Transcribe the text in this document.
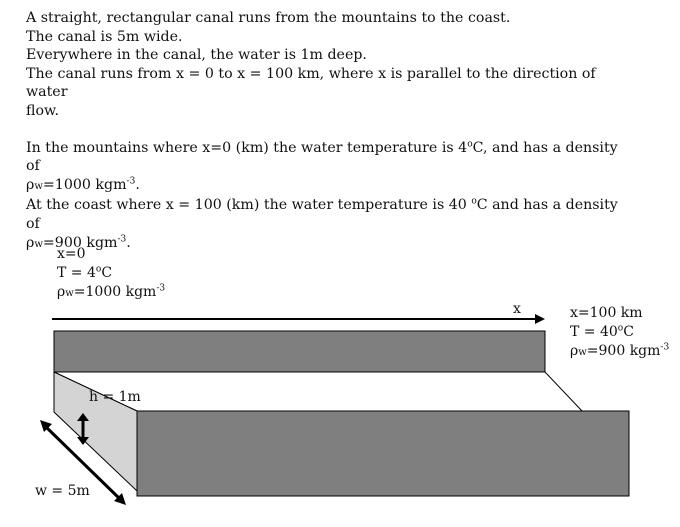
A straight, rectangular canal runs from the mountains to the coast.

The canal is 5m wide.

Everywhere in the canal, the water is 1m deep.

The canal runs from x = 0 to x = 100 km, where x is parallel to the direction of water

flow.

In the mountains where x=0 (km) the water temperature is 4$^o$C, and has a density of

ρw=1000 kgm$^{-3}$.

At the coast where x = 100 (km) the water temperature is 40 $^o$C and has a density of

ρw=900 kgm$^{-3}$.

x=0
$T = 4^oC$
ρw=1000 kgm$^{-3}$
x	x=100 km
$T = 40^oC$
ρw=900 kgm$^{-3}$
h = 1m
w = 5m
